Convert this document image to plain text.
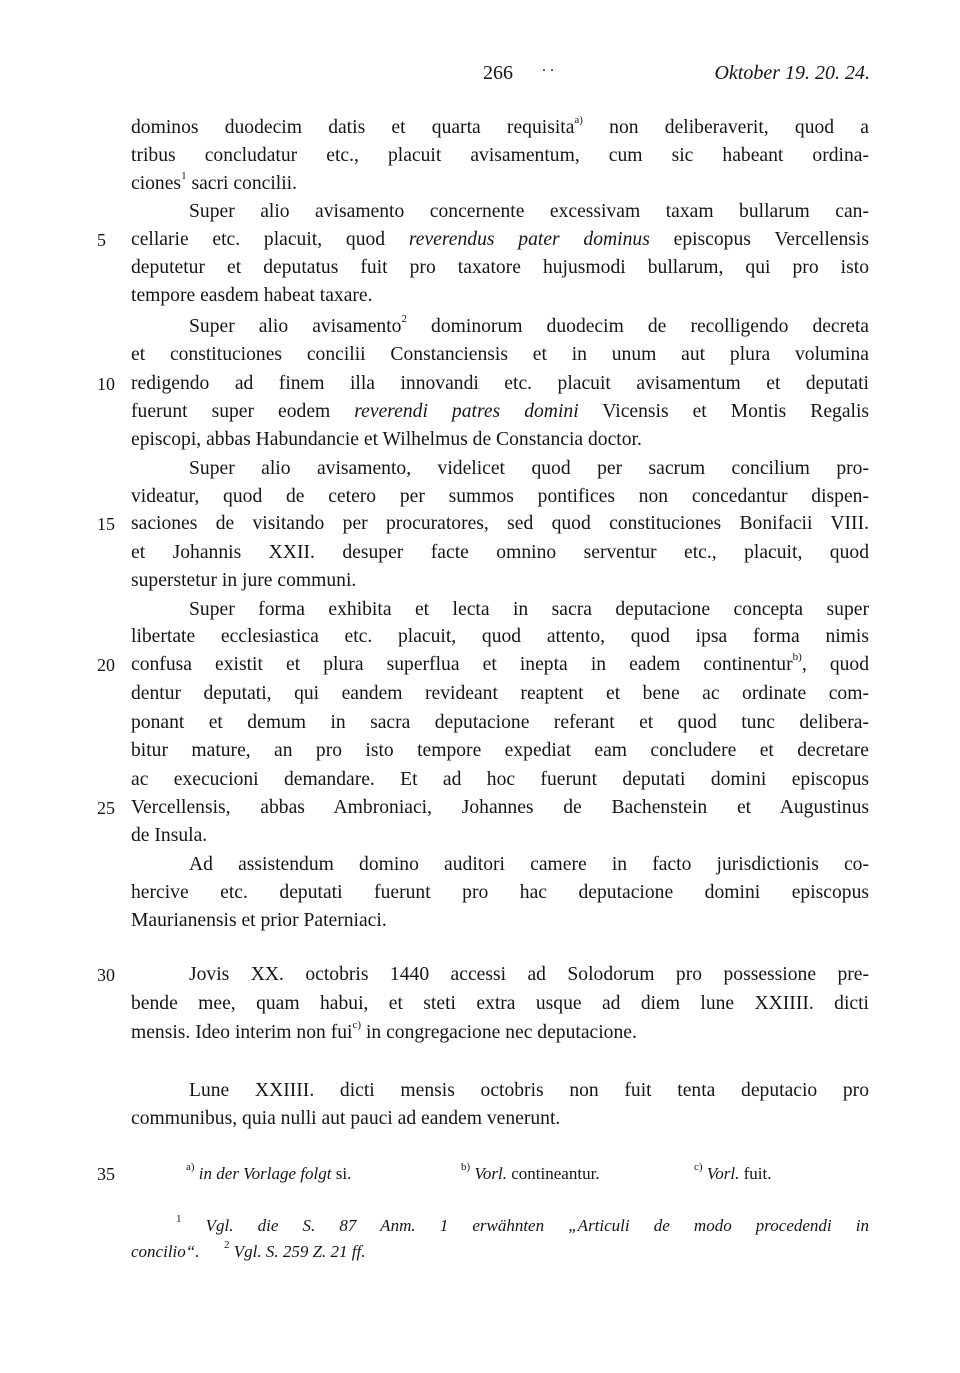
266 . .	Oktober 19. 20. 24.
5
10
15
20
25
30
35
dominos duodecim datis et quarta requisita$^{a)}$ non deliberaverit, quod a
tribus concludatur etc., placuit avisamentum, cum sic habeant ordina-
ciones$^1$ sacri concilii.
Super alio avisamento concernente excessivam taxam bullarum can-
cellarie etc. placuit, quod reverendus pater dominus episcopus Vercellensis
deputetur et deputatus fuit pro taxatore hujusmodi bullarum, qui pro isto
tempore easdem habeat taxare.
Super alio avisamento$^2$ dominorum duodecim de recolligendo decreta
et constituciones concilii Constanciensis et in unum aut plura volumina
redigendo ad finem illa innovandi etc. placuit avisamentum et deputati
fuerunt super eodem reverendi patres domini Vicensis et Montis Regalis
episcopi, abbas Habundancie et Wilhelmus de Constancia doctor.
Super alio avisamento, videlicet quod per sacrum concilium pro-
videatur, quod de cetero per summos pontifices non concedantur dispen-
saciones de visitando per procuratores, sed quod constituciones Bonifacii VIII.
et Johannis XXII. desuper facte omnino serventur etc., placuit, quod
superstetur in jure communi.
Super forma exhibita et lecta in sacra deputacione concepta super
libertate ecclesiastica etc. placuit, quod attento, quod ipsa forma nimis
confusa existit et plura superflua et inepta in eadem continentur$^{b)}$, quod
dentur deputati, qui eandem revideant reaptent et bene ac ordinate com-
ponant et demum in sacra deputacione referant et quod tunc delibera-
bitur mature, an pro isto tempore expediat eam concludere et decretare
ac execucioni demandare. Et ad hoc fuerunt deputati domini episcopus
Vercellensis, abbas Ambroniaci, Johannes de Bachenstein et Augustinus
de Insula.
Ad assistendum domino auditori camere in facto jurisdictionis co-
hercive etc. deputati fuerunt pro hac deputacione domini episcopus
Maurianensis et prior Paterniaci.
Jovis XX. octobris 1440 accessi ad Solodorum pro possessione pre-
bende mee, quam habui, et steti extra usque ad diem lune XXIIII. dicti
mensis. Ideo interim non fui$^{c)}$ in congregacione nec deputacione.
Lune XXIIII. dicti mensis octobris non fuit tenta deputacio pro
communibus, quia nulli aut pauci ad eandem venerunt.
$^{a)}$ in der Vorlage folgt si.	$^{b)}$ Vorl. contineantur.	$^{c)}$ Vorl. fuit.
$^1$ Vgl. die S. 87 Anm. 1 erwähnten „Articuli de modo procedendi in
concilio“. $^2$ Vgl. S. 259 Z. 21 ff.
